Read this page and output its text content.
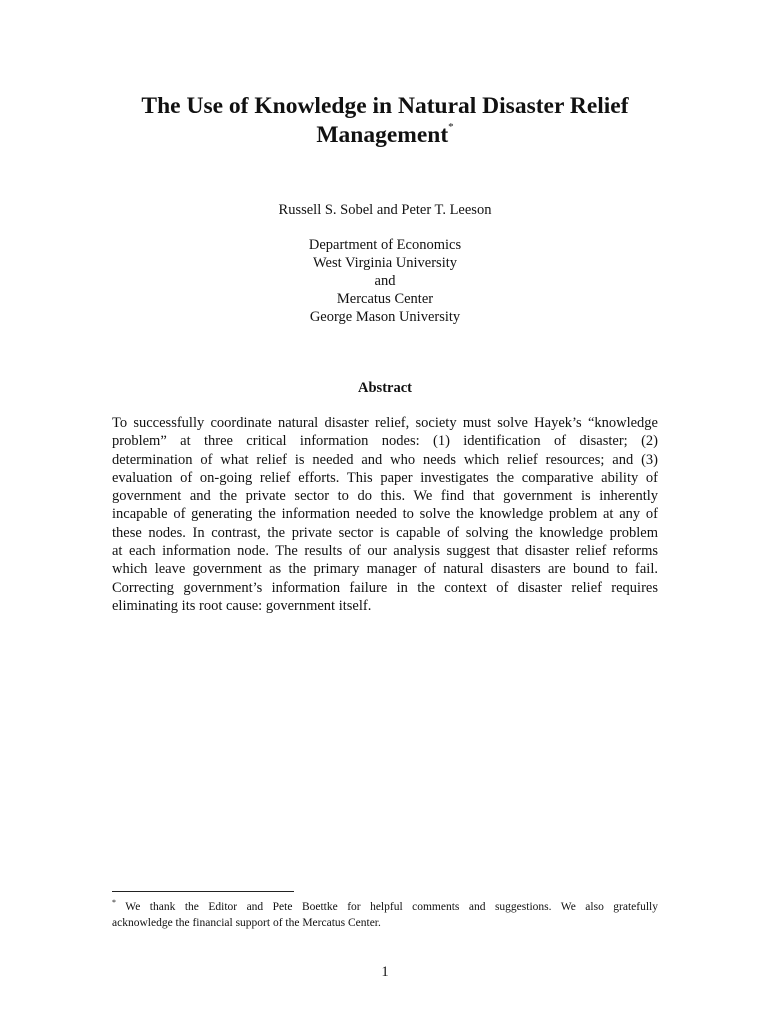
The Use of Knowledge in Natural Disaster Relief
Management*
Russell S. Sobel and Peter T. Leeson
Department of Economics
West Virginia University
and
Mercatus Center
George Mason University
Abstract
To successfully coordinate natural disaster relief, society must solve Hayek’s “knowledge
problem” at three critical information nodes: (1) identification of disaster; (2)
determination of what relief is needed and who needs which relief resources; and (3)
evaluation of on-going relief efforts. This paper investigates the comparative ability of
government and the private sector to do this. We find that government is inherently
incapable of generating the information needed to solve the knowledge problem at any of
these nodes. In contrast, the private sector is capable of solving the knowledge problem
at each information node. The results of our analysis suggest that disaster relief reforms
which leave government as the primary manager of natural disasters are bound to fail.
Correcting government’s information failure in the context of disaster relief requires
eliminating its root cause: government itself.
* We thank the Editor and Pete Boettke for helpful comments and suggestions. We also gratefully
acknowledge the financial support of the Mercatus Center.
1
